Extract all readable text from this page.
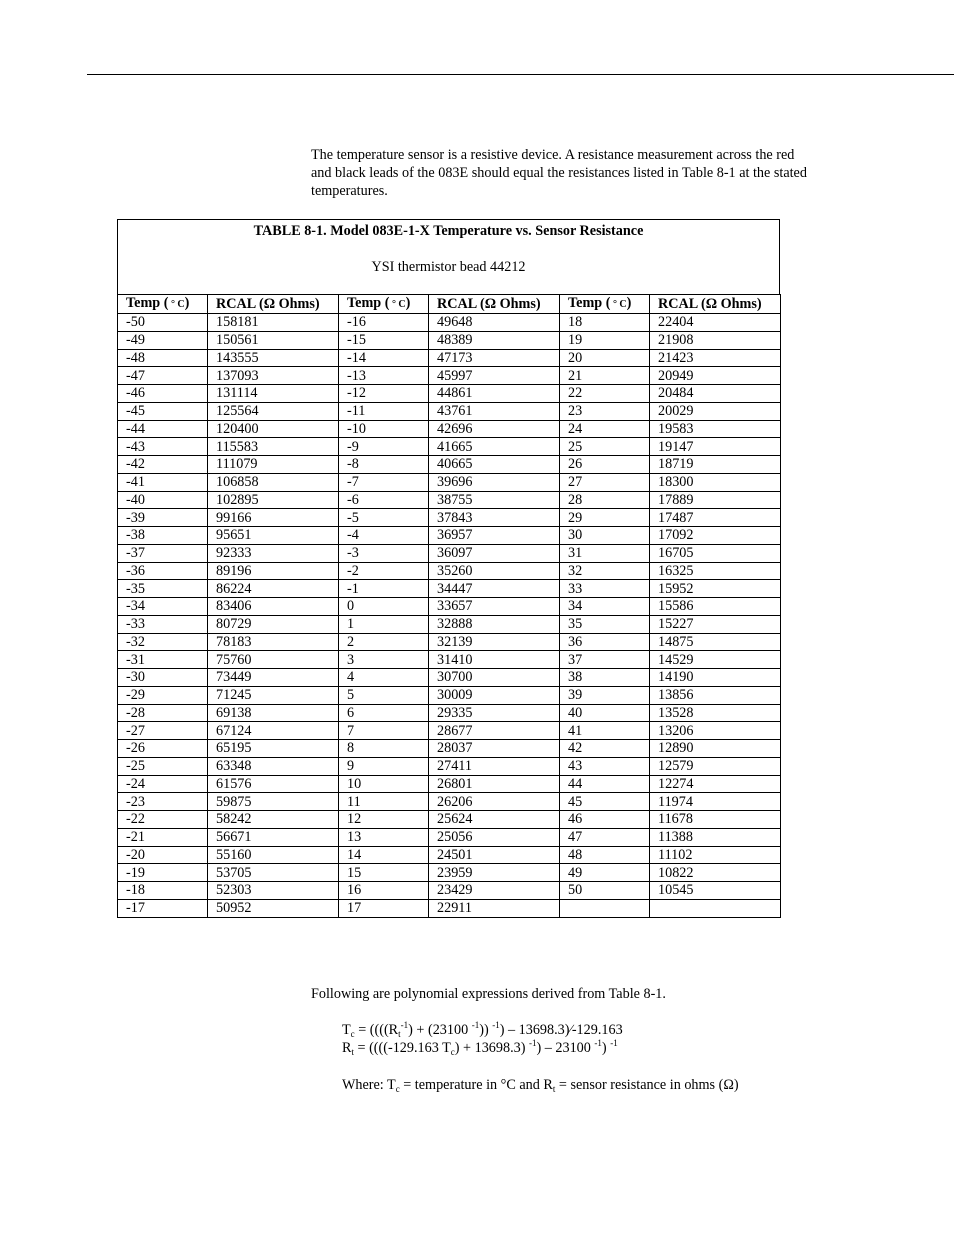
The temperature sensor is a resistive device. A resistance measurement across the red and black leads of the 083E should equal the resistances listed in Table 8-1 at the stated temperatures.
TABLE 8-1. Model 083E-1-X Temperature vs. Sensor Resistance
YSI thermistor bead 44212
Temp ( ° C)	RCAL (Ω Ohms)	Temp ( ° C)	RCAL (Ω Ohms)	Temp ( ° C)	RCAL (Ω Ohms)
-50	158181	-16	49648	18	22404
-49	150561	-15	48389	19	21908
-48	143555	-14	47173	20	21423
-47	137093	-13	45997	21	20949
-46	131114	-12	44861	22	20484
-45	125564	-11	43761	23	20029
-44	120400	-10	42696	24	19583
-43	115583	-9	41665	25	19147
-42	111079	-8	40665	26	18719
-41	106858	-7	39696	27	18300
-40	102895	-6	38755	28	17889
-39	99166	-5	37843	29	17487
-38	95651	-4	36957	30	17092
-37	92333	-3	36097	31	16705
-36	89196	-2	35260	32	16325
-35	86224	-1	34447	33	15952
-34	83406	0	33657	34	15586
-33	80729	1	32888	35	15227
-32	78183	2	32139	36	14875
-31	75760	3	31410	37	14529
-30	73449	4	30700	38	14190
-29	71245	5	30009	39	13856
-28	69138	6	29335	40	13528
-27	67124	7	28677	41	13206
-26	65195	8	28037	42	12890
-25	63348	9	27411	43	12579
-24	61576	10	26801	44	12274
-23	59875	11	26206	45	11974
-22	58242	12	25624	46	11678
-21	56671	13	25056	47	11388
-20	55160	14	24501	48	11102
-19	53705	15	23959	49	10822
-18	52303	16	23429	50	10545
-17	50952	17	22911		
Following are polynomial expressions derived from Table 8-1.
$T_c = ((((R_t^{-1}) + (23100$ $^{-1}$)) $^{-1}$) – 13698.3)∕-129.163
$R_t = ((((-129.163$ $T_c) + 13698.3$) $^{-1}$) – 23100 $^{-1}$) $^{-1}$
Where: $T_c$ = temperature in °C and $R_t$ = sensor resistance in ohms (Ω)
